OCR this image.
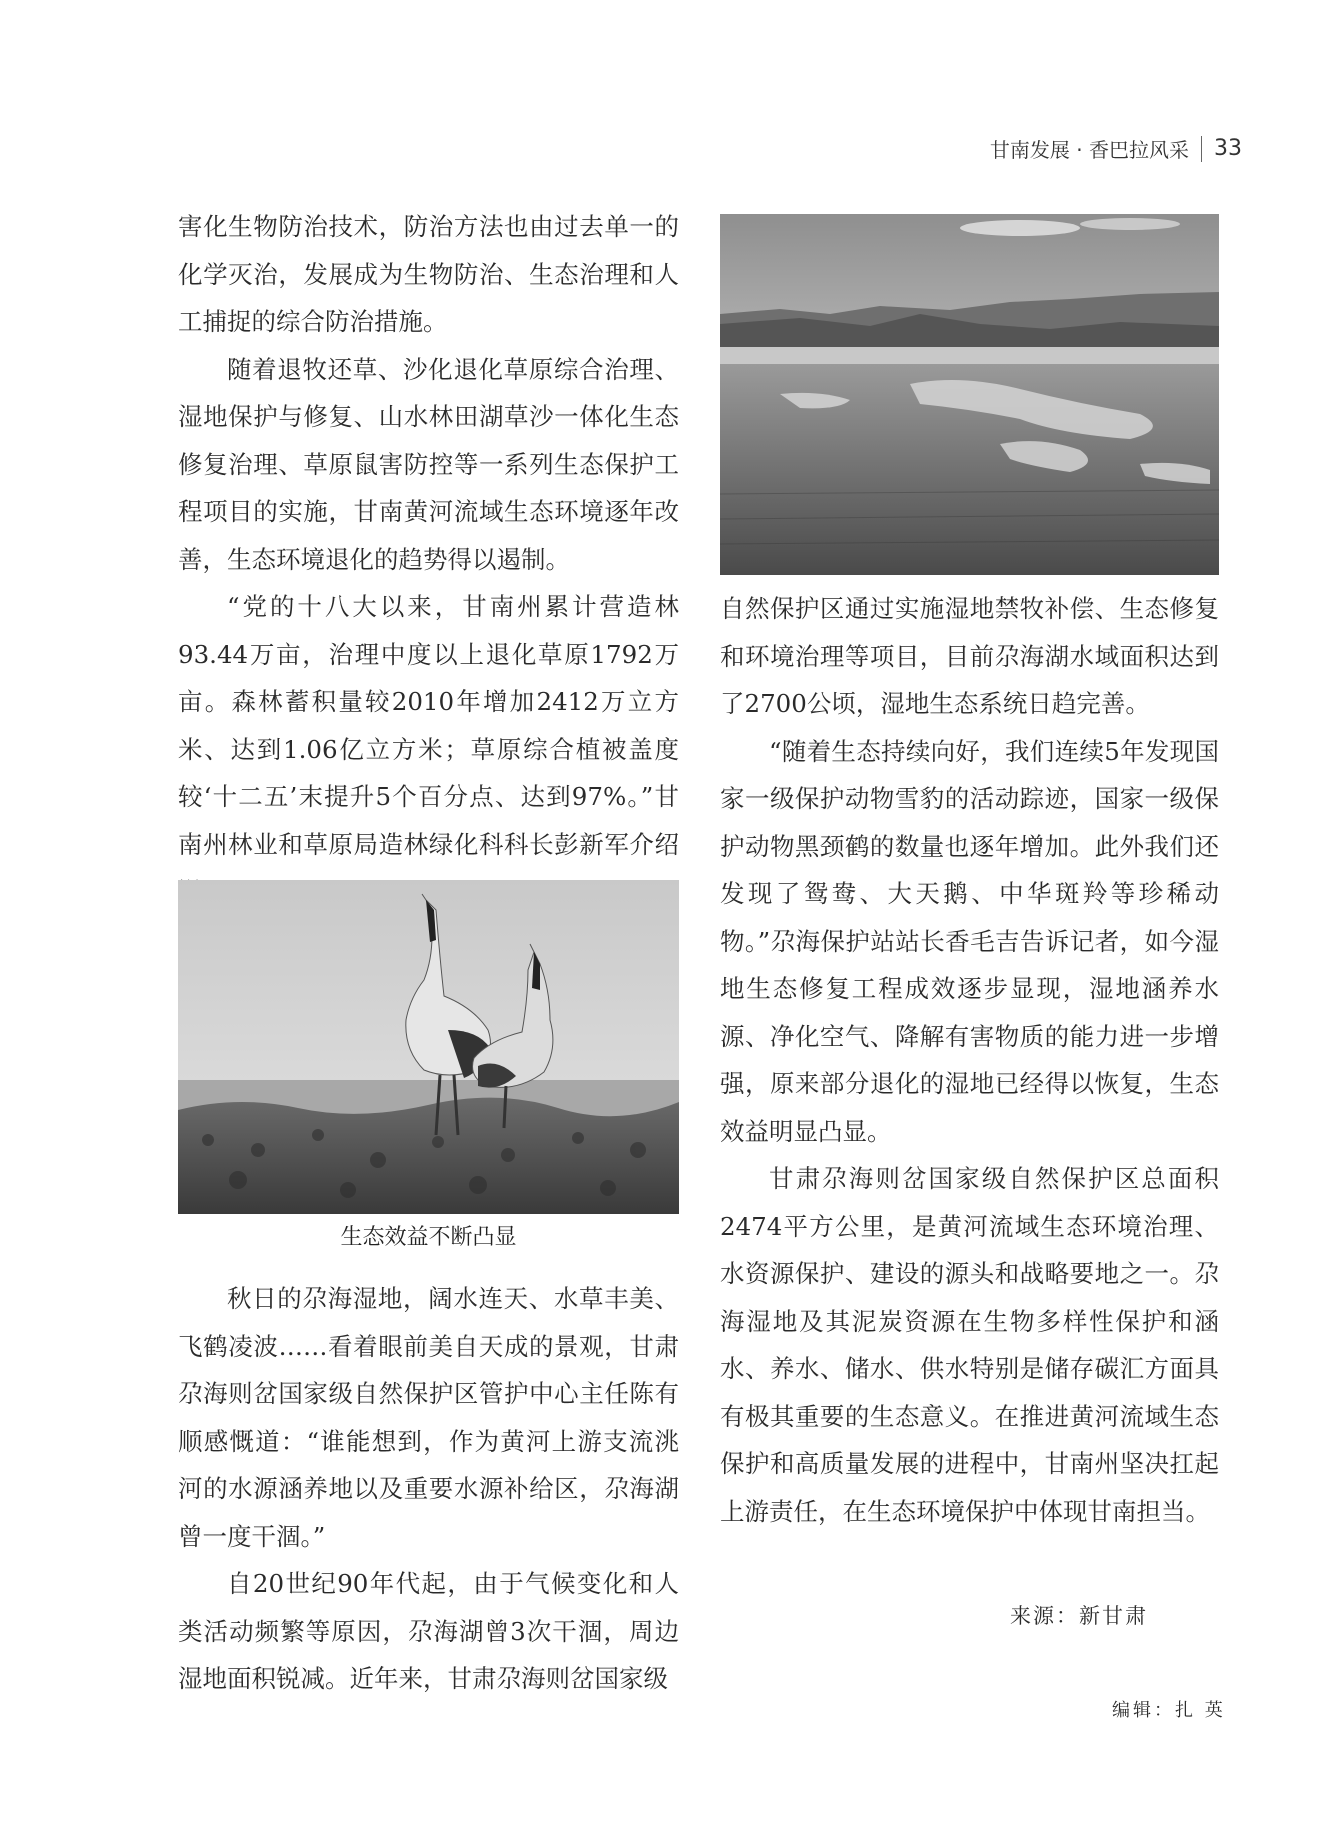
甘南发展 · 香巴拉风采 33

害化生物防治技术，防治方法也由过去单一的化学灭治，发展成为生物防治、生态治理和人工捕捉的综合防治措施。

随着退牧还草、沙化退化草原综合治理、湿地保护与修复、山水林田湖草沙一体化生态修复治理、草原鼠害防控等一系列生态保护工程项目的实施，甘南黄河流域生态环境逐年改善，生态环境退化的趋势得以遏制。

“党的十八大以来，甘南州累计营造林93.44万亩，治理中度以上退化草原1792万亩。森林蓄积量较2010年增加2412万立方米、达到1.06亿立方米；草原综合植被盖度较‘十二五’末提升5个百分点、达到97%。”甘南州林业和草原局造林绿化科科长彭新军介绍

生态效益不断凸显

秋日的尕海湿地，阔水连天、水草丰美、飞鹤凌波……看着眼前美自天成的景观，甘肃尕海则岔国家级自然保护区管护中心主任陈有顺感慨道：“谁能想到，作为黄河上游支流洮河的水源涵养地以及重要水源补给区，尕海湖曾一度干涸。”

自20世纪90年代起，由于气候变化和人类活动频繁等原因，尕海湖曾3次干涸，周边湿地面积锐减。近年来，甘肃尕海则岔国家级

自然保护区通过实施湿地禁牧补偿、生态修复和环境治理等项目，目前尕海湖水域面积达到了2700公顷，湿地生态系统日趋完善。

“随着生态持续向好，我们连续5年发现国家一级保护动物雪豹的活动踪迹，国家一级保护动物黑颈鹤的数量也逐年增加。此外我们还发现了鸳鸯、大天鹅、中华斑羚等珍稀动物。”尕海保护站站长香毛吉告诉记者，如今湿地生态修复工程成效逐步显现，湿地涵养水源、净化空气、降解有害物质的能力进一步增强，原来部分退化的湿地已经得以恢复，生态效益明显凸显。

甘肃尕海则岔国家级自然保护区总面积2474平方公里，是黄河流域生态环境治理、水资源保护、建设的源头和战略要地之一。尕海湿地及其泥炭资源在生物多样性保护和涵水、养水、储水、供水特别是储存碳汇方面具有极其重要的生态意义。在推进黄河流域生态保护和高质量发展的进程中，甘南州坚决扛起上游责任，在生态环境保护中体现甘南担当。

来源：新甘肃
编辑：扎 英
